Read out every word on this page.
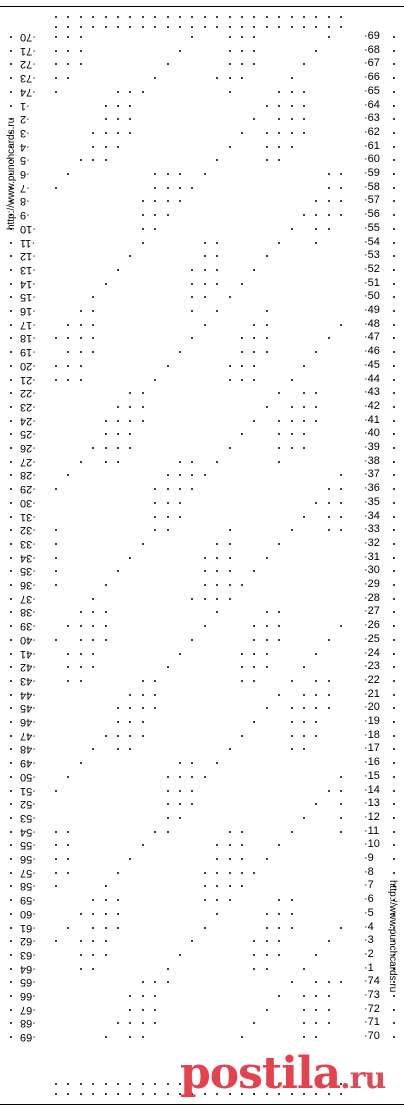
·70
·71
·72
·73
·74
·1
·2
·3
·4
·5
·6
·7
·8
·9
·10
·11
·12
·13
·14
·15
·16
·17
·18
·19
·20
·21
·22
·23
·24
·25
·26
·27
·28
·29
·30
·31
·32
·33
·34
·35
·36
·37
·38
·39
·40
·41
·42
·43
·44
·45
·46
·47
·48
·49
·50
·51
·52
·53
·54
·55
·56
·57
·58
·59
·60
·61
·62
·63
·64
·65
·66
·67
·68
·69
·69
·68
·67
·66
·65
·64
·63
·62
·61
·60
·59
·58
·57
·56
·55
·54
·53
·52
·51
·50
·49
·48
·47
·46
·45
·44
·43
·42
·41
·40
·39
·38
·37
·36
·35
·34
·33
·32
·31
·30
·29
·28
·27
·26
·25
·24
·23
·22
·21
·20
·19
·18
·17
·16
·15
·14
·13
·12
·11
·10
·9
·8
·7
·6
·5
·4
·3
·2
·1
·74
·73
·72
·71
·70
http://www.punchcards.ru
http://www.punchcards.ru
postila.ru
